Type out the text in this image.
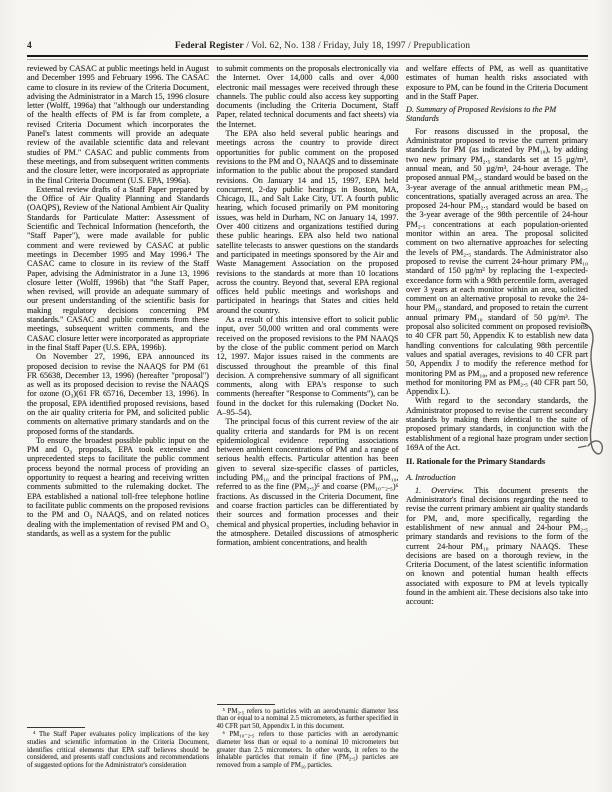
4	Federal Register / Vol. 62, No. 138 / Friday, July 18, 1997 / Prepublication

reviewed by CASAC at public meetings held in August and December 1995 and February 1996. The CASAC came to closure in its review of the Criteria Document, advising the Administrator in a March 15, 1996 closure letter (Wolff, 1996a) that "although our understanding of the health effects of PM is far from complete, a revised Criteria Document which incorporates the Panel's latest comments will provide an adequate review of the available scientific data and relevant studies of PM." CASAC and public comments from these meetings, and from subsequent written comments and the closure letter, were incorporated as appropriate in the final Criteria Document (U.S. EPA, 1996a).

External review drafts of a Staff Paper prepared by the Office of Air Quality Planning and Standards (OAQPS), Review of the National Ambient Air Quality Standards for Particulate Matter: Assessment of Scientific and Technical Information (henceforth, the "Staff Paper"), were made available for public comment and were reviewed by CASAC at public meetings in December 1995 and May 1996.⁴ The CASAC came to closure in its review of the Staff Paper, advising the Administrator in a June 13, 1996 closure letter (Wolff, 1996b) that "the Staff Paper, when revised, will provide an adequate summary of our present understanding of the scientific basis for making regulatory decisions concerning PM standards." CASAC and public comments from these meetings, subsequent written comments, and the CASAC closure letter were incorporated as appropriate in the final Staff Paper (U.S. EPA, 1996b).

On November 27, 1996, EPA announced its proposed decision to revise the NAAQS for PM (61 FR 65638, December 13, 1996) (hereafter "proposal") as well as its proposed decision to revise the NAAQS for ozone (O₃)(61 FR 65716, December 13, 1996). In the proposal, EPA identified proposed revisions, based on the air quality criteria for PM, and solicited public comments on alternative primary standards and on the proposed forms of the standards.

To ensure the broadest possible public input on the PM and O₃ proposals, EPA took extensive and unprecedented steps to facilitate the public comment process beyond the normal process of providing an opportunity to request a hearing and receiving written comments submitted to the rulemaking docket. The EPA established a national toll-free telephone hotline to facilitate public comments on the proposed revisions to the PM and O₃ NAAQS, and on related notices dealing with the implementation of revised PM and O₃ standards, as well as a system for the public

⁴ The Staff Paper evaluates policy implications of the key studies and scientific information in the Criteria Document, identifies critical elements that EPA staff believes should be considered, and presents staff conclusions and recommendations of suggested options for the Administrator's consideration

to submit comments on the proposals electronically via the Internet. Over 14,000 calls and over 4,000 electronic mail messages were received through these channels. The public could also access key supporting documents (including the Criteria Document, Staff Paper, related technical documents and fact sheets) via the Internet.

The EPA also held several public hearings and meetings across the country to provide direct opportunities for public comment on the proposed revisions to the PM and O₃ NAAQS and to disseminate information to the public about the proposed standard revisions. On January 14 and 15, 1997, EPA held concurrent, 2-day public hearings in Boston, MA, Chicago, IL, and Salt Lake City, UT. A fourth public hearing, which focused primarily on PM monitoring issues, was held in Durham, NC on January 14, 1997. Over 400 citizens and organizations testified during these public hearings. EPA also held two national satellite telecasts to answer questions on the standards and participated in meetings sponsored by the Air and Waste Management Association on the proposed revisions to the standards at more than 10 locations across the country. Beyond that, several EPA regional offices held public meetings and workshops and participated in hearings that States and cities held around the country.

As a result of this intensive effort to solicit public input, over 50,000 written and oral comments were received on the proposed revisions to the PM NAAQS by the close of the public comment period on March 12, 1997. Major issues raised in the comments are discussed throughout the preamble of this final decision. A comprehensive summary of all significant comments, along with EPA's response to such comments (hereafter "Response to Comments"), can be found in the docket for this rulemaking (Docket No. A–95–54).

The principal focus of this current review of the air quality criteria and standards for PM is on recent epidemiological evidence reporting associations between ambient concentrations of PM and a range of serious health effects. Particular attention has been given to several size-specific classes of particles, including PM₁₀ and the principal fractions of PM₁₀, referred to as the fine (PM₂.₅)⁵ and coarse (PM₁₀₋₂.₅)⁶ fractions. As discussed in the Criteria Document, fine and coarse fraction particles can be differentiated by their sources and formation processes and their chemical and physical properties, including behavior in the atmosphere. Detailed discussions of atmospheric formation, ambient concentrations, and health

⁵ PM₂.₅ refers to particles with an aerodynamic diameter less than or equal to a nominal 2.5 micrometers, as further specified in 40 CFR part 50, Appendix L in this document.

⁶ PM₁₀₋₂.₅ refers to those particles with an aerodynamic diameter less than or equal to a nominal 10 micrometers but greater than 2.5 micrometers. In other words, it refers to the inhalable particles that remain if fine (PM₂.₅) particles are removed from a sample of PM₁₀ particles.

and welfare effects of PM, as well as quantitative estimates of human health risks associated with exposure to PM, can be found in the Criteria Document and in the Staff Paper.

D. Summary of Proposed Revisions to the PM Standards

For reasons discussed in the proposal, the Administrator proposed to revise the current primary standards for PM (as indicated by PM₁₀), by adding two new primary PM₂.₅ standards set at 15 µg/m³, annual mean, and 50 µg/m³, 24-hour average. The proposed annual PM₂.₅ standard would be based on the 3-year average of the annual arithmetic mean PM₂.₅ concentrations, spatially averaged across an area. The proposed 24-hour PM₂.₅ standard would be based on the 3-year average of the 98th percentile of 24-hour PM₂.₅ concentrations at each population-oriented monitor within an area. The proposal solicited comment on two alternative approaches for selecting the levels of PM₂.₅ standards. The Administrator also proposed to revise the current 24-hour primary PM₁₀ standard of 150 µg/m³ by replacing the 1-expected-exceedance form with a 98th percentile form, averaged over 3 years at each monitor within an area, solicited comment on an alternative proposal to revoke the 24-hour PM₁₀ standard, and proposed to retain the current annual primary PM₁₀ standard of 50 µg/m³. The proposal also solicited comment on proposed revisions to 40 CFR part 50, Appendix K to establish new data handling conventions for calculating 98th percentile values and spatial averages, revisions to 40 CFR part 50, Appendix J to modify the reference method for monitoring PM as PM₁₀, and a proposed new reference method for monitoring PM as PM₂.₅ (40 CFR part 50, Appendix L).

With regard to the secondary standards, the Administrator proposed to revise the current secondary standards by making them identical to the suite of proposed primary standards, in conjunction with the establishment of a regional haze program under section 169A of the Act.

II. Rationale for the Primary Standards
A. Introduction

1. Overview. This document presents the Administrator's final decisions regarding the need to revise the current primary ambient air quality standards for PM, and, more specifically, regarding the establishment of new annual and 24-hour PM₂.₅ primary standards and revisions to the form of the current 24-hour PM₁₀ primary NAAQS. These decisions are based on a thorough review, in the Criteria Document, of the latest scientific information on known and potential human health effects associated with exposure to PM at levels typically found in the ambient air. These decisions also take into account:
